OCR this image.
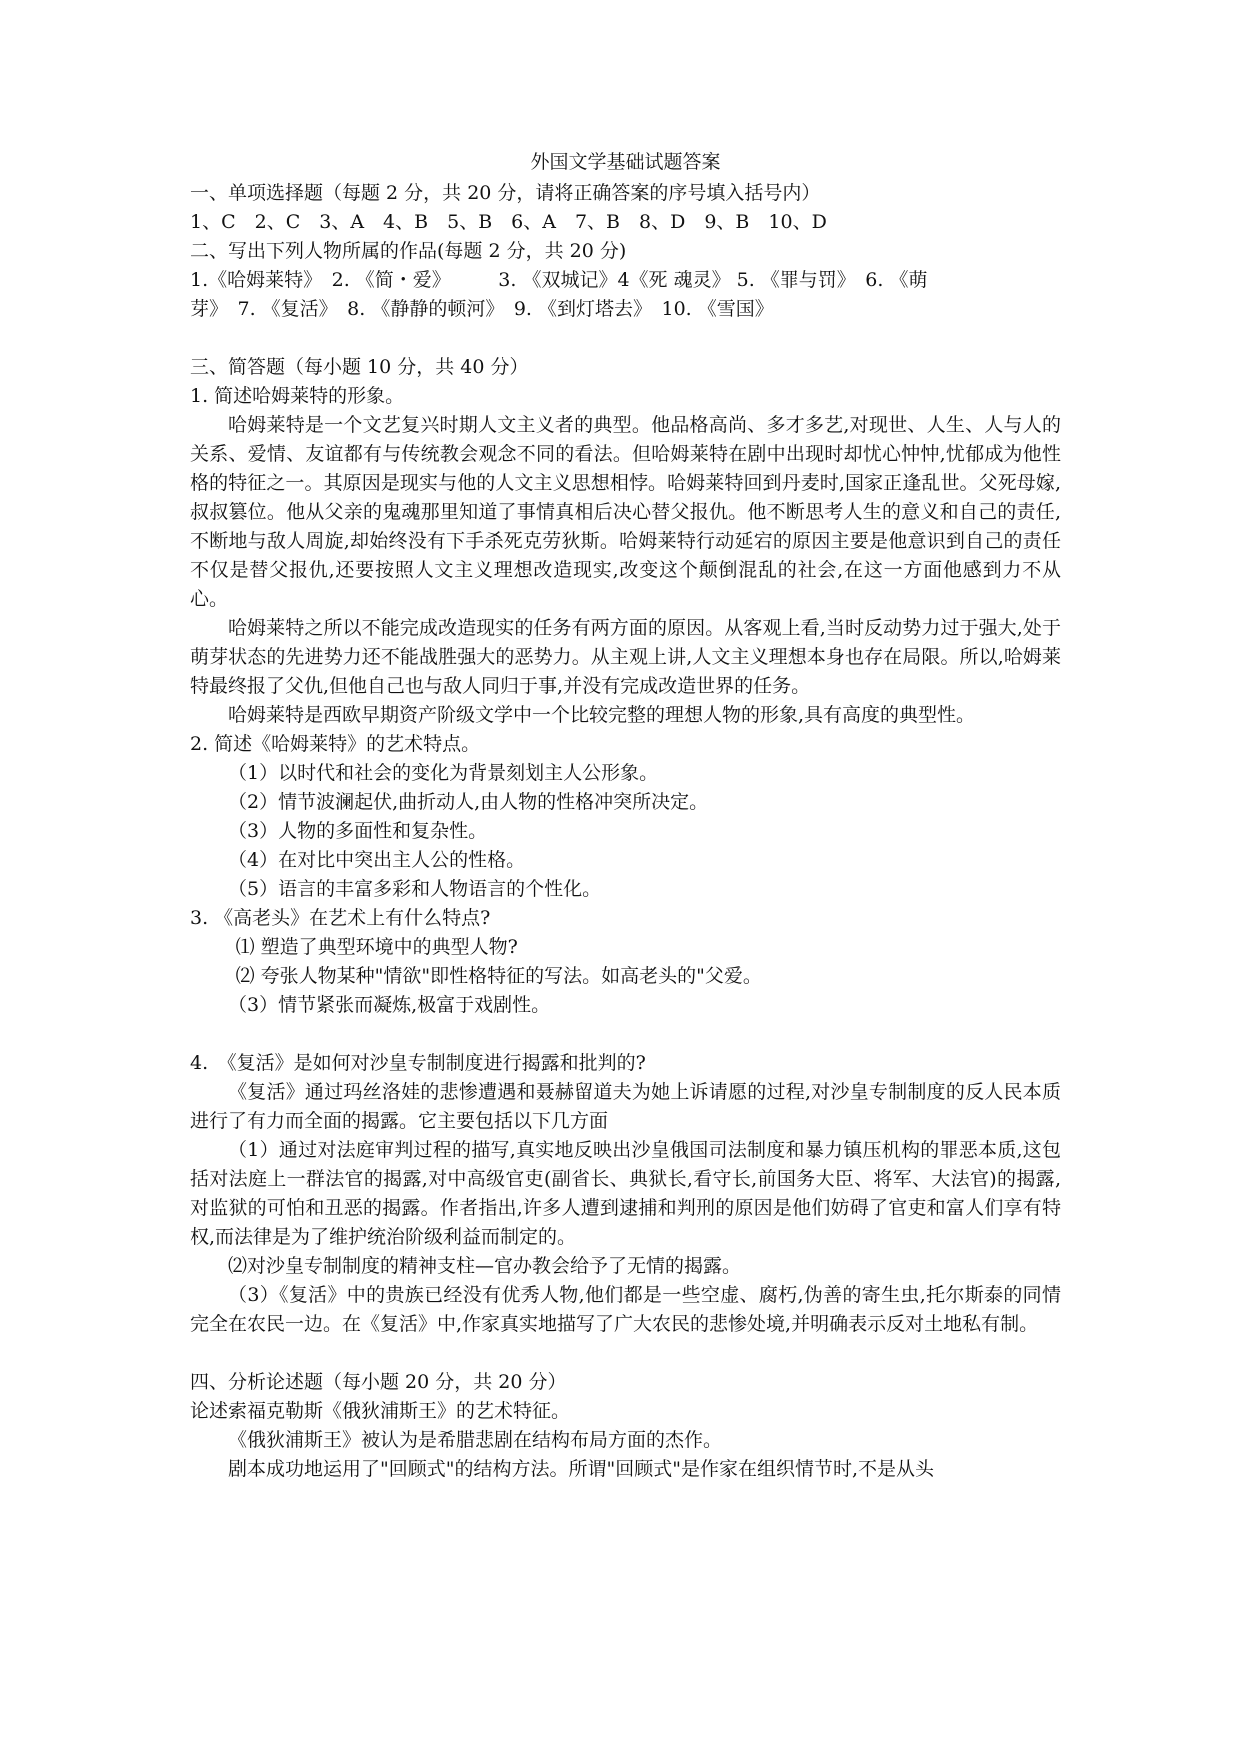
外国文学基础试题答案
一、单项选择题（每题 2 分，共 20 分，请将正确答案的序号填入括号内）
1、C　2、C　3、A　4、B　5、B　6、A　7、B　8、D　9、B　10、D
二、写出下列人物所属的作品(每题 2 分，共 20 分)
1.《哈姆莱特》　2. 《简・爱》　　　3. 《双城记》4《死 魂灵》 5. 《罪与罚》　6. 《萌
芽》　7. 《复活》　8. 《静静的顿河》　9. 《到灯塔去》　10. 《雪国》
三、简答题（每小题 10 分，共 40 分）
1. 简述哈姆莱特的形象。

哈姆莱特是一个文艺复兴时期人文主义者的典型。他品格高尚、多才多艺,对现世、人生、人与人的关系、爱情、友谊都有与传统教会观念不同的看法。但哈姆莱特在剧中出现时却忧心忡忡,忧郁成为他性格的特征之一。其原因是现实与他的人文主义思想相悖。哈姆莱特回到丹麦时,国家正逢乱世。父死母嫁,叔叔篡位。他从父亲的鬼魂那里知道了事情真相后决心替父报仇。他不断思考人生的意义和自己的责任,不断地与敌人周旋,却始终没有下手杀死克劳狄斯。哈姆莱特行动延宕的原因主要是他意识到自己的责任不仅是替父报仇,还要按照人文主义理想改造现实,改变这个颠倒混乱的社会,在这一方面他感到力不从心。

哈姆莱特之所以不能完成改造现实的任务有两方面的原因。从客观上看,当时反动势力过于强大,处于萌芽状态的先进势力还不能战胜强大的恶势力。从主观上讲,人文主义理想本身也存在局限。所以,哈姆莱特最终报了父仇,但他自己也与敌人同归于事,并没有完成改造世界的任务。

哈姆莱特是西欧早期资产阶级文学中一个比较完整的理想人物的形象,具有高度的典型性。

2. 简述《哈姆莱特》的艺术特点。
（1）以时代和社会的变化为背景刻划主人公形象。
（2）情节波澜起伏,曲折动人,由人物的性格冲突所决定。
（3）人物的多面性和复杂性。
（4）在对比中突出主人公的性格。
（5）语言的丰富多彩和人物语言的个性化。
3. 《高老头》在艺术上有什么特点?
⑴ 塑造了典型环境中的典型人物?
⑵ 夸张人物某种"情欲"即性格特征的写法。如高老头的"父爱。
（3）情节紧张而凝炼,极富于戏剧性。
4.　《复活》是如何对沙皇专制制度进行揭露和批判的?

《复活》通过玛丝洛娃的悲惨遭遇和聂赫留道夫为她上诉请愿的过程,对沙皇专制制度的反人民本质进行了有力而全面的揭露。它主要包括以下几方面

（1）通过对法庭审判过程的描写,真实地反映出沙皇俄国司法制度和暴力镇压机构的罪恶本质,这包括对法庭上一群法官的揭露,对中高级官吏(副省长、典狱长,看守长,前国务大臣、将军、大法官)的揭露,对监狱的可怕和丑恶的揭露。作者指出,许多人遭到逮捕和判刑的原因是他们妨碍了官吏和富人们享有特权,而法律是为了维护统治阶级利益而制定的。

⑵对沙皇专制制度的精神支柱—官办教会给予了无情的揭露。

（3）《复活》中的贵族已经没有优秀人物,他们都是一些空虚、腐朽,伪善的寄生虫,托尔斯泰的同情完全在农民一边。在《复活》中,作家真实地描写了广大农民的悲惨处境,并明确表示反对土地私有制。

四、分析论述题（每小题 20 分，共 20 分）
论述索福克勒斯《俄狄浦斯王》的艺术特征。

《俄狄浦斯王》被认为是希腊悲剧在结构布局方面的杰作。

剧本成功地运用了"回顾式"的结构方法。所谓"回顾式"是作家在组织情节时,不是从头
